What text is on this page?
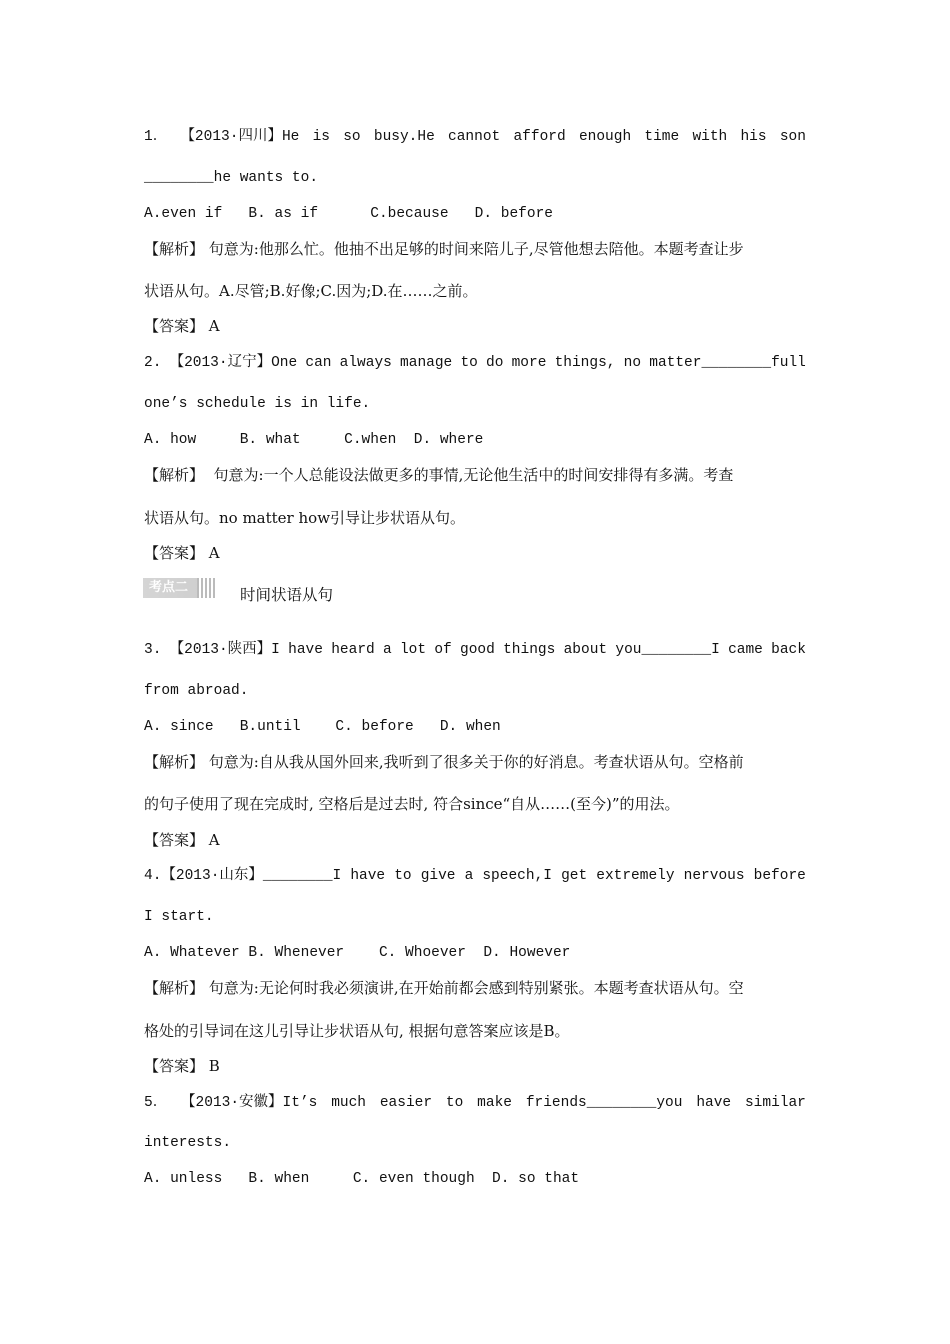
1． 【2013·四川】He is so busy.He cannot afford enough time with his son
________he wants to.
A.even if   B. as if      C.because   D. before
【解析】 句意为:他那么忙。他抽不出足够的时间来陪儿子,尽管他想去陪他。本题考查让步
状语从句。A.尽管;B.好像;C.因为;D.在……之前。
【答案】 A
2. 【2013·辽宁】One can always manage to do more things, no matter________full
one’s schedule is in life.
A. how     B. what     C.when  D. where
【解析】  句意为:一个人总能设法做更多的事情,无论他生活中的时间安排得有多满。考查
状语从句。no matter how引导让步状语从句。
【答案】 A
考点二	时间状语从句
3. 【2013·陕西】I have heard a lot of good things about you________I came back
from abroad.
A. since   B.until    C. before   D. when
【解析】 句意为:自从我从国外回来,我听到了很多关于你的好消息。考查状语从句。空格前
的句子使用了现在完成时, 空格后是过去时, 符合since“自从……(至今)”的用法。
【答案】 A
4.【2013·山东】________I have to give a speech,I get extremely nervous before
I start.
A. Whatever B. Whenever    C. Whoever  D. However
【解析】 句意为:无论何时我必须演讲,在开始前都会感到特别紧张。本题考查状语从句。空
格处的引导词在这儿引导让步状语从句, 根据句意答案应该是B。
【答案】 B
5． 【2013·安徽】It’s much easier to make friends________you have similar
interests.
A. unless   B. when     C. even though  D. so that
